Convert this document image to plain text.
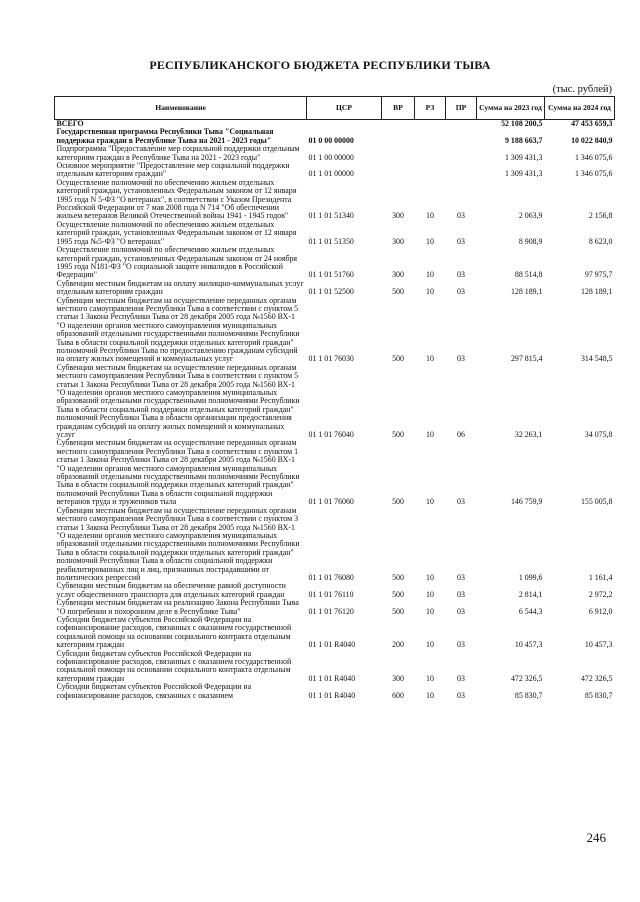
РЕСПУБЛИКАНСКОГО БЮДЖЕТА РЕСПУБЛИКИ ТЫВА
(тыс. рублей)
Наименование	ЦСР	ВР	РЗ	ПР	Сумма на 2023 год	Сумма на 2024 год
ВСЕГО					52 108 200,5	47 453 659,3
Государственная программа Республики Тыва "Социальная поддержка граждан в Республике Тыва на 2021 - 2023 годы"	01 0 00 00000				9 188 663,7	10 022 840,9
Подпрограмма "Предоставление мер социальной поддержки отдельным категориям граждан в Республике Тыва на 2021 - 2023 годы"	01 1 00 00000				1 309 431,3	1 346 075,6
Основное мероприятие "Предоставление мер социальной поддержки отдельным категориям граждан"	01 1 01 00000				1 309 431,3	1 346 075,6
Осуществление полномочий по обеспечению жильем отдельных категорий граждан, установленных Федеральным законом от 12 января 1995 года N 5-ФЗ "О ветеранах", в соответствии с Указом Президента Российской Федерации от 7 мая 2008 года N 714 "Об обеспечении жильем ветеранов Великой Отечественной войны 1941 - 1945 годов"	01 1 01 51340	300	10	03	2 063,9	2 156,8
Осуществление полномочий по обеспечению жильем отдельных категорий граждан, установленных Федеральным законом от 12 января 1995 года №5-ФЗ "О ветеранах"	01 1 01 51350	300	10	03	8 908,9	8 623,0
Осуществление полномочий по обеспечению жильем отдельных категорий граждан, установленных Федеральным законом от 24 ноября 1995 года N181-ФЗ "О социальной защите инвалидов в Российской Федерации"	01 1 01 51760	300	10	03	88 514,8	97 975,7
Субвенции местным бюджетам на оплату жилищно-коммунальных услуг отдельным категориям граждан	01 1 01 52500	500	10	03	128 189,1	128 189,1
Субвенции местным бюджетам на осуществление переданных органам местного самоуправления Республики Тыва в соответствии с пунктом 5 статьи 1 Закона Республики Тыва от 28 декабря 2005 года №1560 ВХ-1 "О наделении органов местного самоуправления муниципальных образований отдельными государственными полномочиями Республики Тыва в области социальной поддержки отдельных категорий граждан" полномочий Республики Тыва по предоставлению гражданам субсидий на оплату жилых помещений и коммунальных услуг	01 1 01 76030	500	10	03	297 815,4	314 548,5
Субвенции местным бюджетам на осуществление переданных органам местного самоуправления Республики Тыва в соответствии с пунктом 5 статьи 1 Закона Республики Тыва от 28 декабря 2005 года №1560 ВХ-1 "О наделении органов местного самоуправления муниципальных образований отдельными государственными полномочиями Республики Тыва в области социальной поддержки отдельных категорий граждан" полномочий Республики Тыва в области организации предоставления гражданам субсидий на оплату жилых помещений и коммунальных услуг	01 1 01 76040	500	10	06	32 263,1	34 075,8
Субвенции местным бюджетам на осуществление переданных органам местного самоуправления Республики Тыва в соответствии с пунктом 1 статьи 1 Закона Республики Тыва от 28 декабря 2005 года №1560 ВХ-1 "О наделении органов местного самоуправления муниципальных образований отдельными государственными полномочиями Республики Тыва в области социальной поддержки отдельных категорий граждан" полномочий Республики Тыва в области социальной поддержки ветеранов труда и тружеников тыла	01 1 01 76060	500	10	03	146 759,9	155 005,8
Субвенции местным бюджетам на осуществление переданных органам местного самоуправления Республики Тыва в соответствии с пунктом 3 статьи 1 Закона Республики Тыва от 28 декабря 2005 года №1560 ВХ-1 "О наделении органов местного самоуправления муниципальных образований отдельными государственными полномочиями Республики Тыва в области социальной поддержки отдельных категорий граждан" полномочий Республики Тыва в области социальной поддержки реабилитированных лиц и лиц, признанных пострадавшими от политических репрессий	01 1 01 76080	500	10	03	1 099,6	1 161,4
Субвенции местным бюджетам на обеспечение равной доступности услуг общественного транспорта для отдельных категорий граждан	01 1 01 76110	500	10	03	2 814,1	2 972,2
Субвенции местным бюджетам на реализацию Закона Республики Тыва "О погребении и похоронном деле в Республике Тыва"	01 1 01 76120	500	10	03	6 544,3	6 912,0
Субсидии бюджетам субъектов Российской Федерации на софинансирование расходов, связанных с оказанием государственной социальной помощи на основании социального контракта отдельным категориям граждан	01 1 01 R4040	200	10	03	10 457,3	10 457,3
Субсидии бюджетам субъектов Российской Федерации на софинансирование расходов, связанных с оказанием государственной социальной помощи на основании социального контракта отдельным категориям граждан	01 1 01 R4040	300	10	03	472 326,5	472 326,5
Субсидии бюджетам субъектов Российской Федерации на софинансирование расходов, связанных с оказанием	01 1 01 R4040	600	10	03	85 830,7	85 830,7
246
